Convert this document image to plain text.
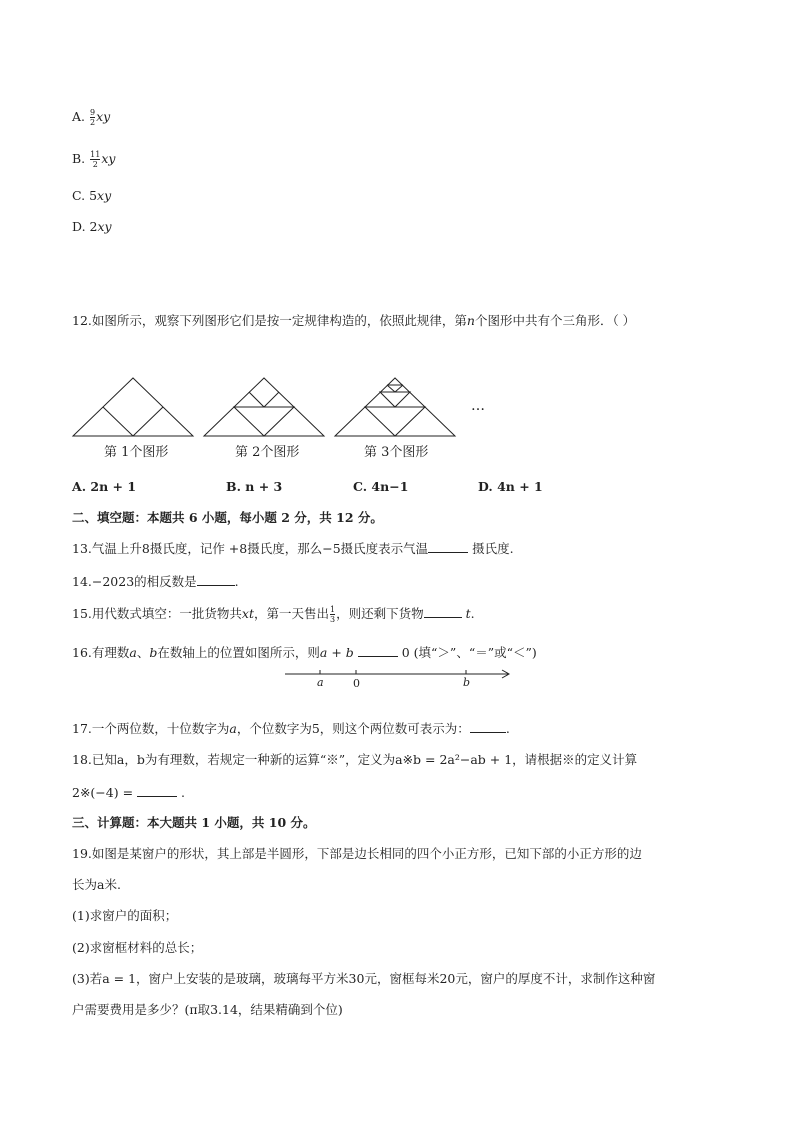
A. $\frac{9}{2}$ xy
B. $\frac{11}{2}$ xy
C. 5xy
D. 2xy
12.如图所示，观察下列图形它们是按一定规律构造的，依照此规律，第n个图形中共有个三角形．（ ）
…
第 1个图形	第 2个图形	第 3个图形
A. 2n + 1	B. n + 3	C. 4n−1	D. 4n + 1
二、填空题：本题共 6 小题，每小题 2 分，共 12 分。
13.气温上升8摄氏度，记作 +8摄氏度，那么−5摄氏度表示气温	摄氏度.
14.−2023的相反数是	.
15.用代数式填空：一批货物共xt，第一天售出 $\frac{1}{3}$ ，则还剩下货物	t.
16.有理数a、b在数轴上的位置如图所示，则a + b	0 (填“＞”、“＝”或“＜”)
a	0	b
17.一个两位数，十位数字为a，个位数字为5，则这个两位数可表示为：	.
18.已知a，b为有理数，若规定一种新的运算“※”，定义为a※b = 2a²−ab + 1，请根据※的定义计算
2※(−4) =	.
三、计算题：本大题共 1 小题，共 10 分。
19.如图是某窗户的形状，其上部是半圆形，下部是边长相同的四个小正方形，已知下部的小正方形的边
长为a米.
(1)求窗户的面积；
(2)求窗框材料的总长；
(3)若a = 1，窗户上安装的是玻璃，玻璃每平方米30元，窗框每米20元，窗户的厚度不计，求制作这种窗
户需要费用是多少？(π取3.14，结果精确到个位)
